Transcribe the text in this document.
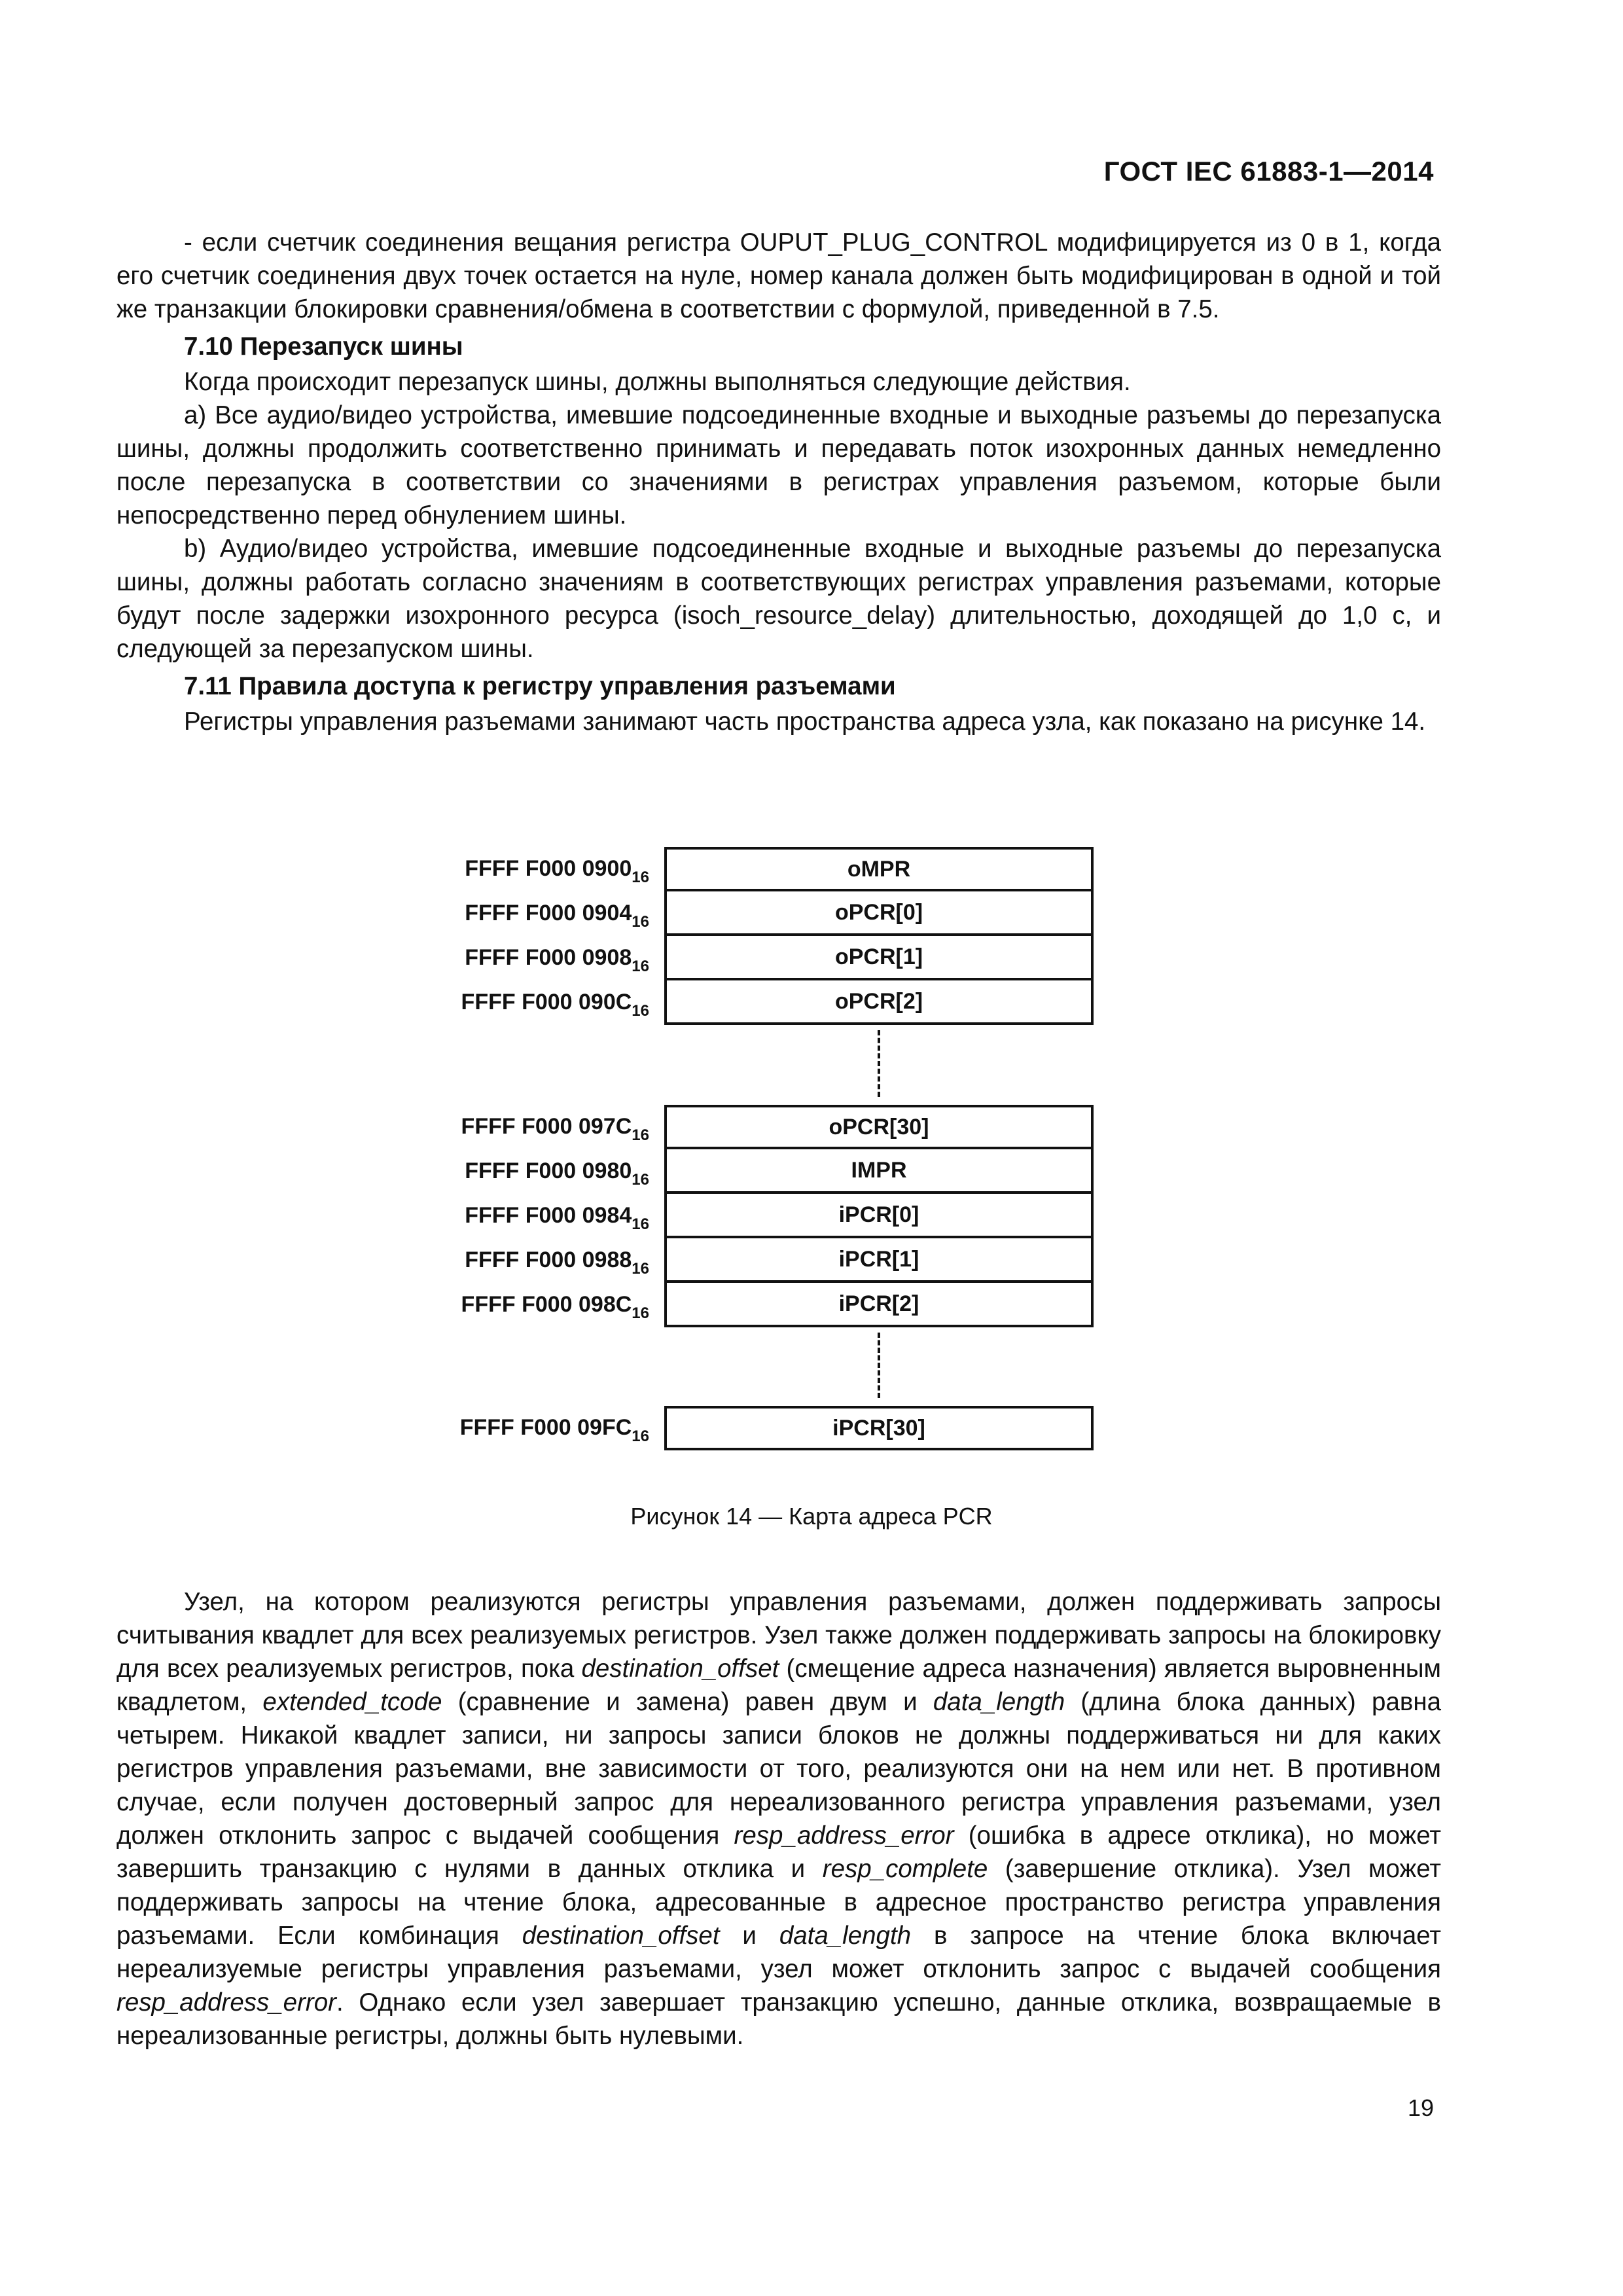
ГОСТ IEC 61883-1—2014

- если счетчик соединения вещания регистра OUPUT_PLUG_CONTROL модифицируется из 0 в 1, когда его счетчик соединения двух точек остается на нуле, номер канала должен быть модифицирован в одной и той же транзакции блокировки сравнения/обмена в соответствии с формулой, приведенной в 7.5.

7.10 Перезапуск шины

Когда происходит перезапуск шины, должны выполняться следующие действия.

a) Все аудио/видео устройства, имевшие подсоединенные входные и выходные разъемы до перезапуска шины, должны продолжить соответственно принимать и передавать поток изохронных данных немедленно после перезапуска в соответствии со значениями в регистрах управления разъемом, которые были непосредственно перед обнулением шины.

b) Аудио/видео устройства, имевшие подсоединенные входные и выходные разъемы до перезапуска шины, должны работать согласно значениям в соответствующих регистрах управления разъемами, которые будут после задержки изохронного ресурса (isoch_resource_delay) длительностью, доходящей до 1,0 с, и следующей за перезапуском шины.

7.11 Правила доступа к регистру управления разъемами

Регистры управления разъемами занимают часть пространства адреса узла, как показано на рисунке 14.

FFFF F000 $0900_{16}$	oMPR
FFFF F000 $0904_{16}$	oPCR[0]
FFFF F000 $0908_{16}$	oPCR[1]
FFFF F000 $090C_{16}$	oPCR[2]
FFFF F000 $097C_{16}$	oPCR[30]
FFFF F000 $0980_{16}$	IMPR
FFFF F000 $0984_{16}$	iPCR[0]
FFFF F000 $0988_{16}$	iPCR[1]
FFFF F000 $098C_{16}$	iPCR[2]
FFFF F000 $09FC_{16}$	iPCR[30]
Рисунок 14 — Карта адреса PCR

Узел, на котором реализуются регистры управления разъемами, должен поддерживать запросы считывания квадлет для всех реализуемых регистров. Узел также должен поддерживать запросы на блокировку для всех реализуемых регистров, пока destination_offset (смещение адреса назначения) является выровненным квадлетом, extended_tcode (сравнение и замена) равен двум и data_length (длина блока данных) равна четырем. Никакой квадлет записи, ни запросы записи блоков не должны поддерживаться ни для каких регистров управления разъемами, вне зависимости от того, реализуются они на нем или нет. В противном случае, если получен достоверный запрос для нереализованного регистра управления разъемами, узел должен отклонить запрос с выдачей сообщения resp_address_error (ошибка в адресе отклика), но может завершить транзакцию с нулями в данных отклика и resp_complete (завершение отклика). Узел может поддерживать запросы на чтение блока, адресованные в адресное пространство регистра управления разъемами. Если комбинация destination_offset и data_length в запросе на чтение блока включает нереализуемые регистры управления разъемами, узел может отклонить запрос с выдачей сообщения resp_address_error. Однако если узел завершает транзакцию успешно, данные отклика, возвращаемые в нереализованные регистры, должны быть нулевыми.

19
